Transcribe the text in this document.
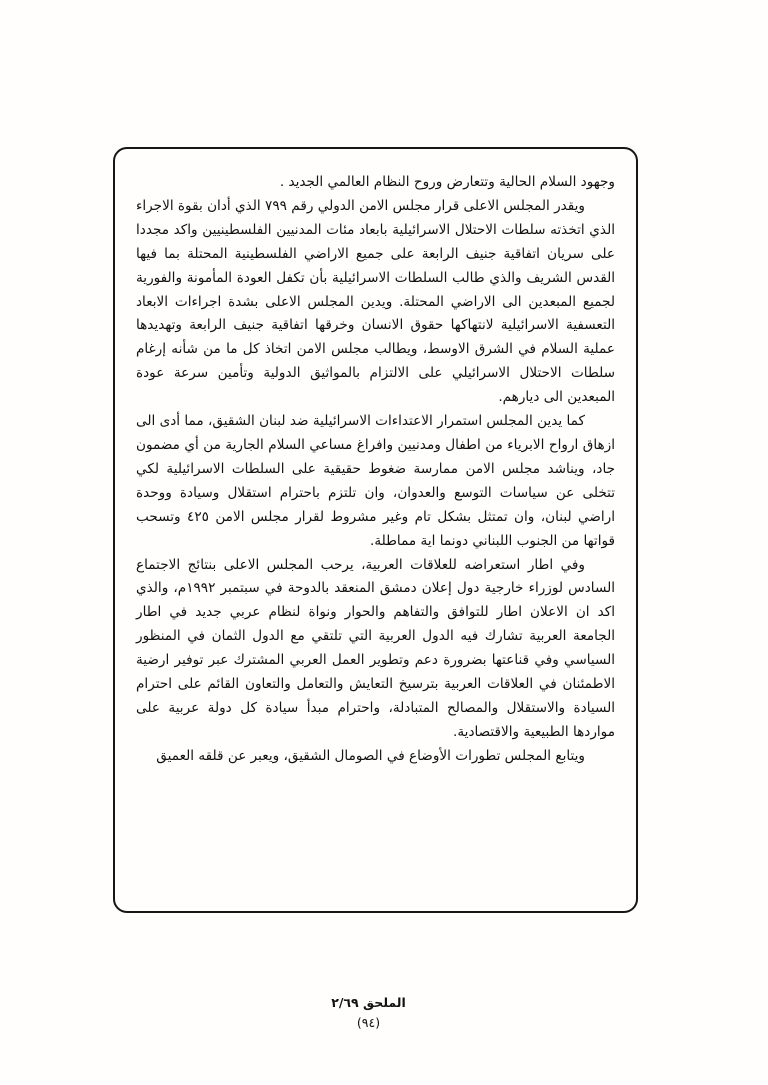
وجهود السلام الحالية وتتعارض وروح النظام العالمي الجديد .

ويقدر المجلس الاعلى قرار مجلس الامن الدولي رقم ٧٩٩ الذي أدان بقوة الاجراء الذي اتخذته سلطات الاحتلال الاسرائيلية بابعاد مئات المدنيين الفلسطينيين واكد مجددا على سريان اتفاقية جنيف الرابعة على جميع الاراضي الفلسطينية المحتلة بما فيها القدس الشريف والذي طالب السلطات الاسرائيلية بأن تكفل العودة المأمونة والفورية لجميع المبعدين الى الاراضي المحتلة. ويدين المجلس الاعلى بشدة اجراءات الابعاد التعسفية الاسرائيلية لانتهاكها حقوق الانسان وخرقها اتفاقية جنيف الرابعة وتهديدها عملية السلام في الشرق الاوسط، ويطالب مجلس الامن اتخاذ كل ما من شأنه إرغام سلطات الاحتلال الاسرائيلي على الالتزام بالمواثيق الدولية وتأمين سرعة عودة المبعدين الى ديارهم.

كما يدين المجلس استمرار الاعتداءات الاسرائيلية ضد لبنان الشقيق، مما أدى الى ازهاق ارواح الابرياء من اطفال ومدنيين وافراغ مساعي السلام الجارية من أي مضمون جاد، ويناشد مجلس الامن ممارسة ضغوط حقيقية على السلطات الاسرائيلية لكي تتخلى عن سياسات التوسع والعدوان، وان تلتزم باحترام استقلال وسيادة ووحدة اراضي لبنان، وان تمتثل بشكل تام وغير مشروط لقرار مجلس الامن ٤٢٥ وتسحب قواتها من الجنوب اللبناني دونما اية مماطلة.

وفي اطار استعراضه للعلاقات العربية، يرحب المجلس الاعلى بنتائج الاجتماع السادس لوزراء خارجية دول إعلان دمشق المنعقد بالدوحة في سبتمبر ١٩٩٢م، والذي اكد ان الاعلان اطار للتوافق والتفاهم والحوار ونواة لنظام عربي جديد في اطار الجامعة العربية تشارك فيه الدول العربية التي تلتقي مع الدول الثمان في المنظور السياسي وفي قناعتها بضرورة دعم وتطوير العمل العربي المشترك عبر توفير ارضية الاطمئنان في العلاقات العربية بترسيخ التعايش والتعامل والتعاون القائم على احترام السيادة والاستقلال والمصالح المتبادلة، واحترام مبدأ سيادة كل دولة عربية على مواردها الطبيعية والاقتصادية.

ويتابع المجلس تطورات الأوضاع في الصومال الشقيق، ويعبر عن قلقه العميق

الملحق ٢/٦٩
(٩٤)
